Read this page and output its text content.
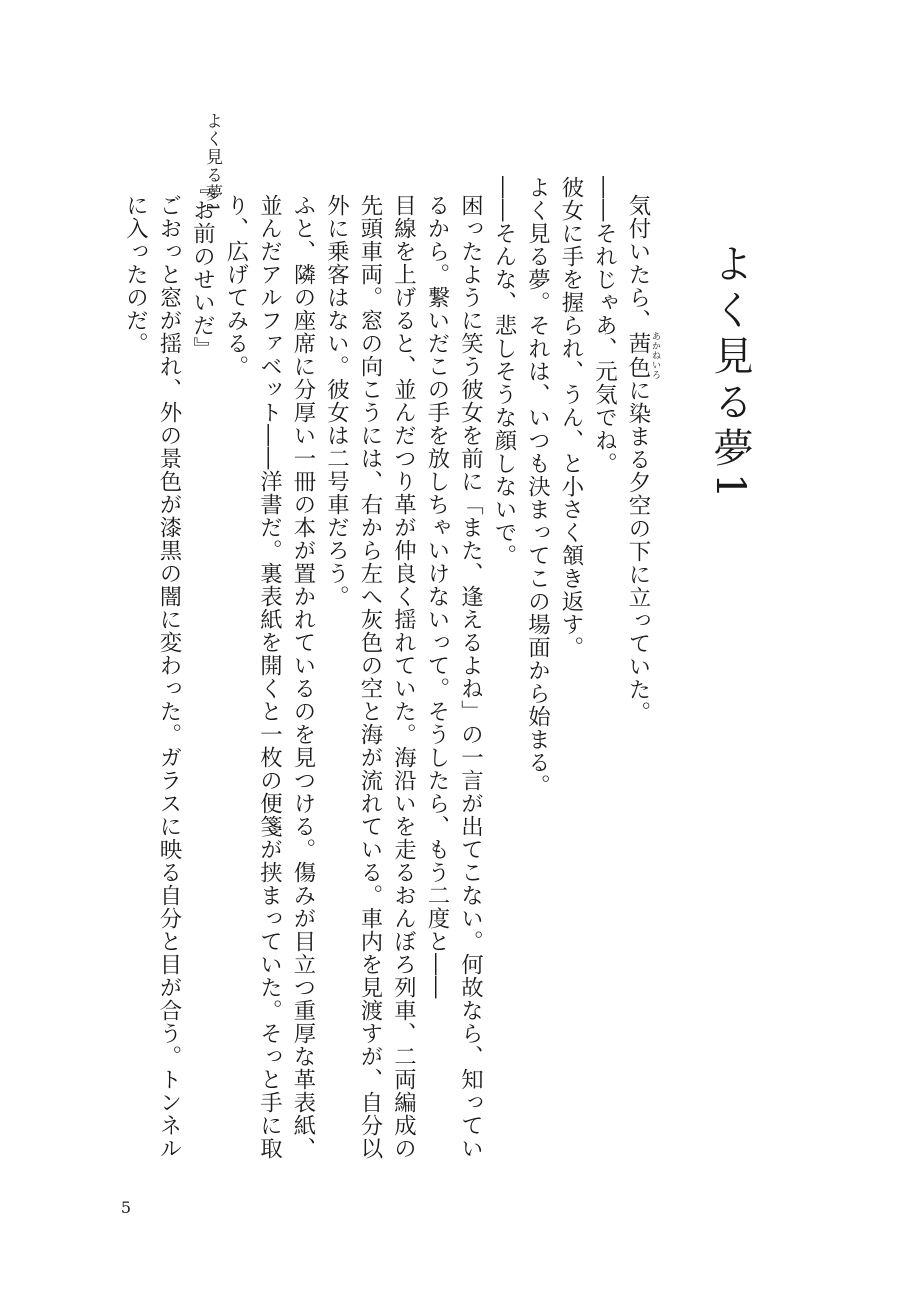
よく見る夢1
よく見る夢1

気付いたら、茜色 あかねいろに染まる夕空の下に立っていた。

――それじゃあ、元気でね。

彼女に手を握られ、うん、と小さく頷き返す。

よく見る夢。それは、いつも決まってこの場面から始まる。

――そんな、悲しそうな顔しないで。

困ったように笑う彼女を前に「また、逢えるよね」の一言が出てこない。何故なら、知っているから。繋いだこの手を放しちゃいけないって。そうしたら、もう二度と――

目線を上げると、並んだつり革が仲良く揺れていた。海沿いを走るおんぼろ列車、二両編成の先頭車両。窓の向こうには、右から左へ灰色の空と海が流れている。車内を見渡すが、自分以外に乗客はない。彼女は二号車だろう。

ふと、隣の座席に分厚い一冊の本が置かれているのを見つける。傷みが目立つ重厚な革表紙、並んだアルファベット――洋書だ。裏表紙を開くと一枚の便箋が挟まっていた。そっと手に取り、広げてみる。

『お前のせいだ』

ごおっと窓が揺れ、外の景色が漆黒の闇に変わった。ガラスに映る自分と目が合う。トンネルに入ったのだ。

5
